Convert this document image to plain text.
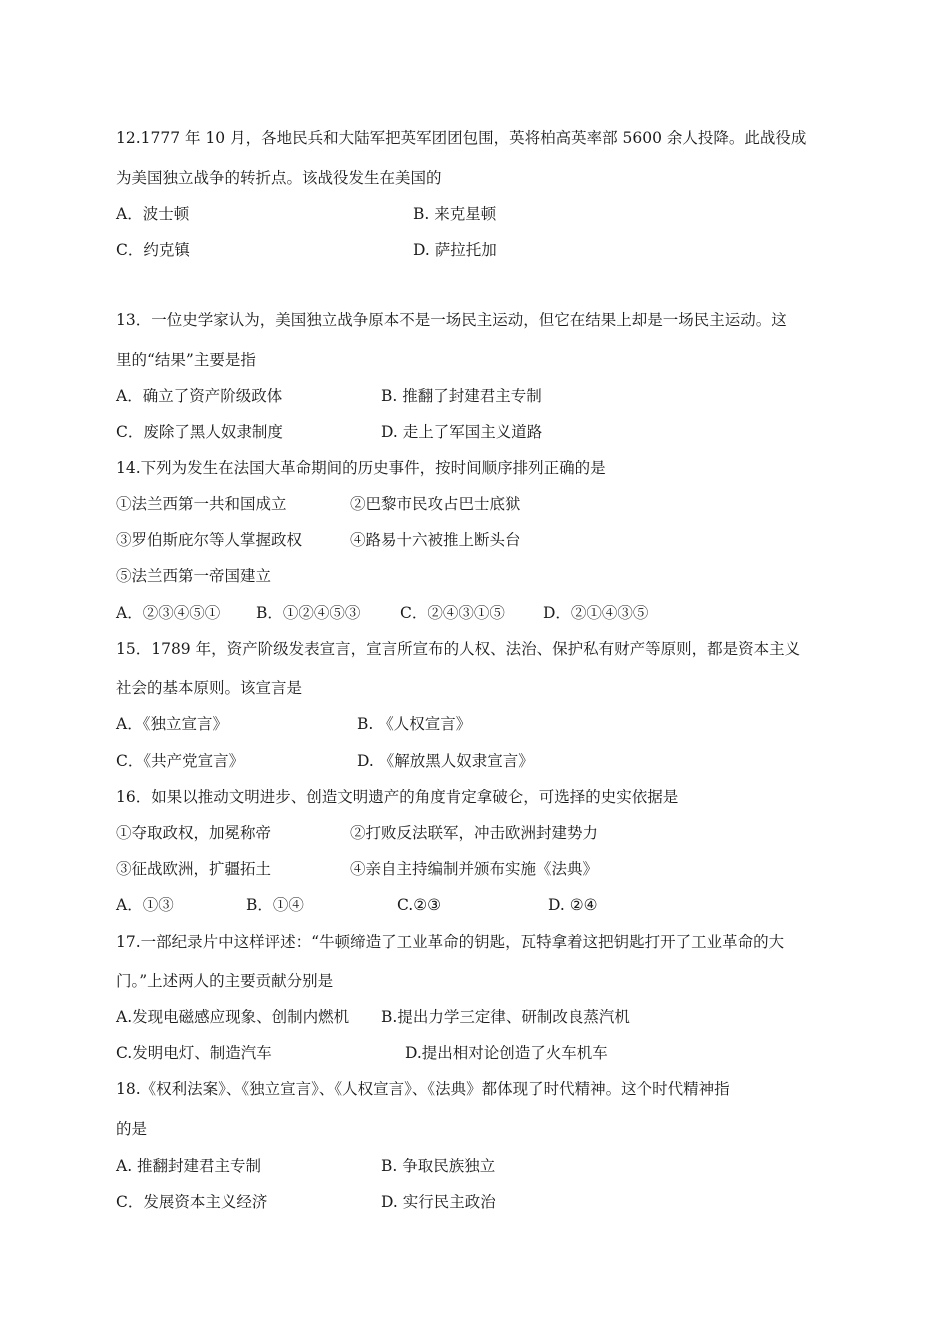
12.1777 年 10 月，各地民兵和大陆军把英军团团包围，英将柏高英率部 5600 余人投降。此战役成
为美国独立战争的转折点。该战役发生在美国的
A．波士顿	B. 来克星顿
C．约克镇	D. 萨拉托加
13．一位史学家认为，美国独立战争原本不是一场民主运动，但它在结果上却是一场民主运动。这
里的“结果”主要是指
A．确立了资产阶级政体	B. 推翻了封建君主专制
C．废除了黑人奴隶制度	D. 走上了军国主义道路
14.下列为发生在法国大革命期间的历史事件，按时间顺序排列正确的是
①法兰西第一共和国成立	②巴黎市民攻占巴士底狱
③罗伯斯庇尔等人掌握政权	④路易十六被推上断头台
⑤法兰西第一帝国建立
A．②③④⑤① B．①②④⑤③	C．②④③①⑤ D．②①④③⑤
15．1789 年，资产阶级发表宣言，宣言所宣布的人权、法治、保护私有财产等原则，都是资本主义
社会的基本原则。该宣言是
A．《独立宣言》	B. 《人权宣言》
C．《共产党宣言》	D. 《解放黑人奴隶宣言》
16．如果以推动文明进步、创造文明遗产的角度肯定拿破仑，可选择的史实依据是
①夺取政权，加冕称帝	②打败反法联军，冲击欧洲封建势力
③征战欧洲，扩疆拓土	④亲自主持编制并颁布实施《法典》
A．①③	B．①④	C.②③	D. ②④
17.一部纪录片中这样评述：“牛顿缔造了工业革命的钥匙，瓦特拿着这把钥匙打开了工业革命的大
门。”上述两人的主要贡献分别是
A.发现电磁感应现象、创制内燃机 B.提出力学三定律、研制改良蒸汽机
C.发明电灯、制造汽车	D.提出相对论创造了火车机车
18.《权利法案》、《独立宣言》、《人权宣言》、《法典》都体现了时代精神。这个时代精神指
的是
A. 推翻封建君主专制	B. 争取民族独立
C．发展资本主义经济	D. 实行民主政治
